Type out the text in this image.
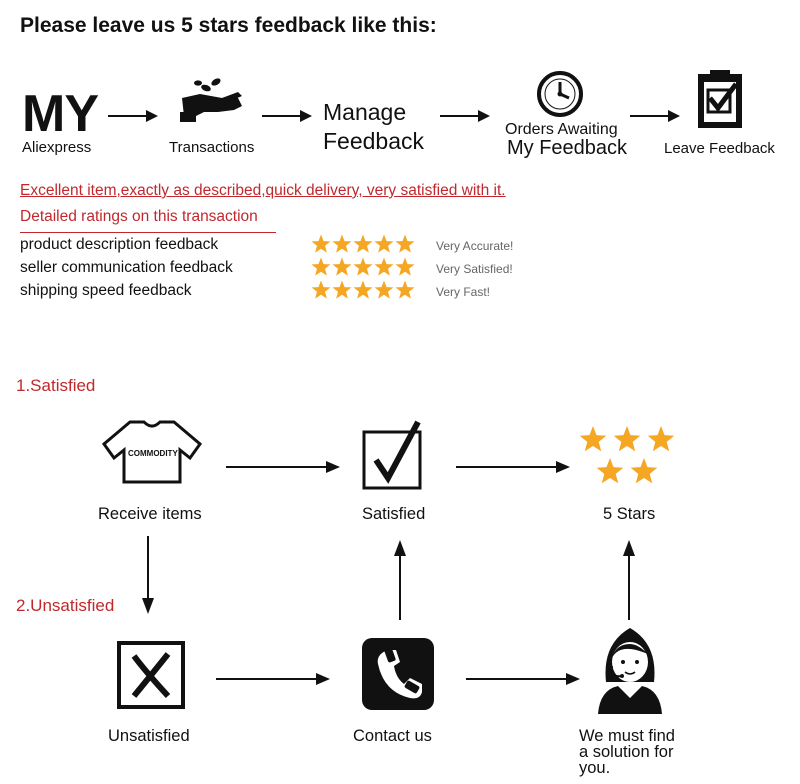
Please leave us 5 stars feedback like this:
MY
Aliexpress	Transactions
Manage
Feedback	Orders Awaiting
My Feedback Leave Feedback
Excellent item,exactly as described,quick delivery, very satisfied with it.
Detailed ratings on this transaction
product description feedback	Very Accurate!
seller communication feedback	Very Satisfied!
shipping speed feedback	Very Fast!
1.Satisfied
COMMODITY
Receive items	Satisfied	5 Stars
2.Unsatisfied
Unsatisfied	Contact us	We must find
a solution for
you.
